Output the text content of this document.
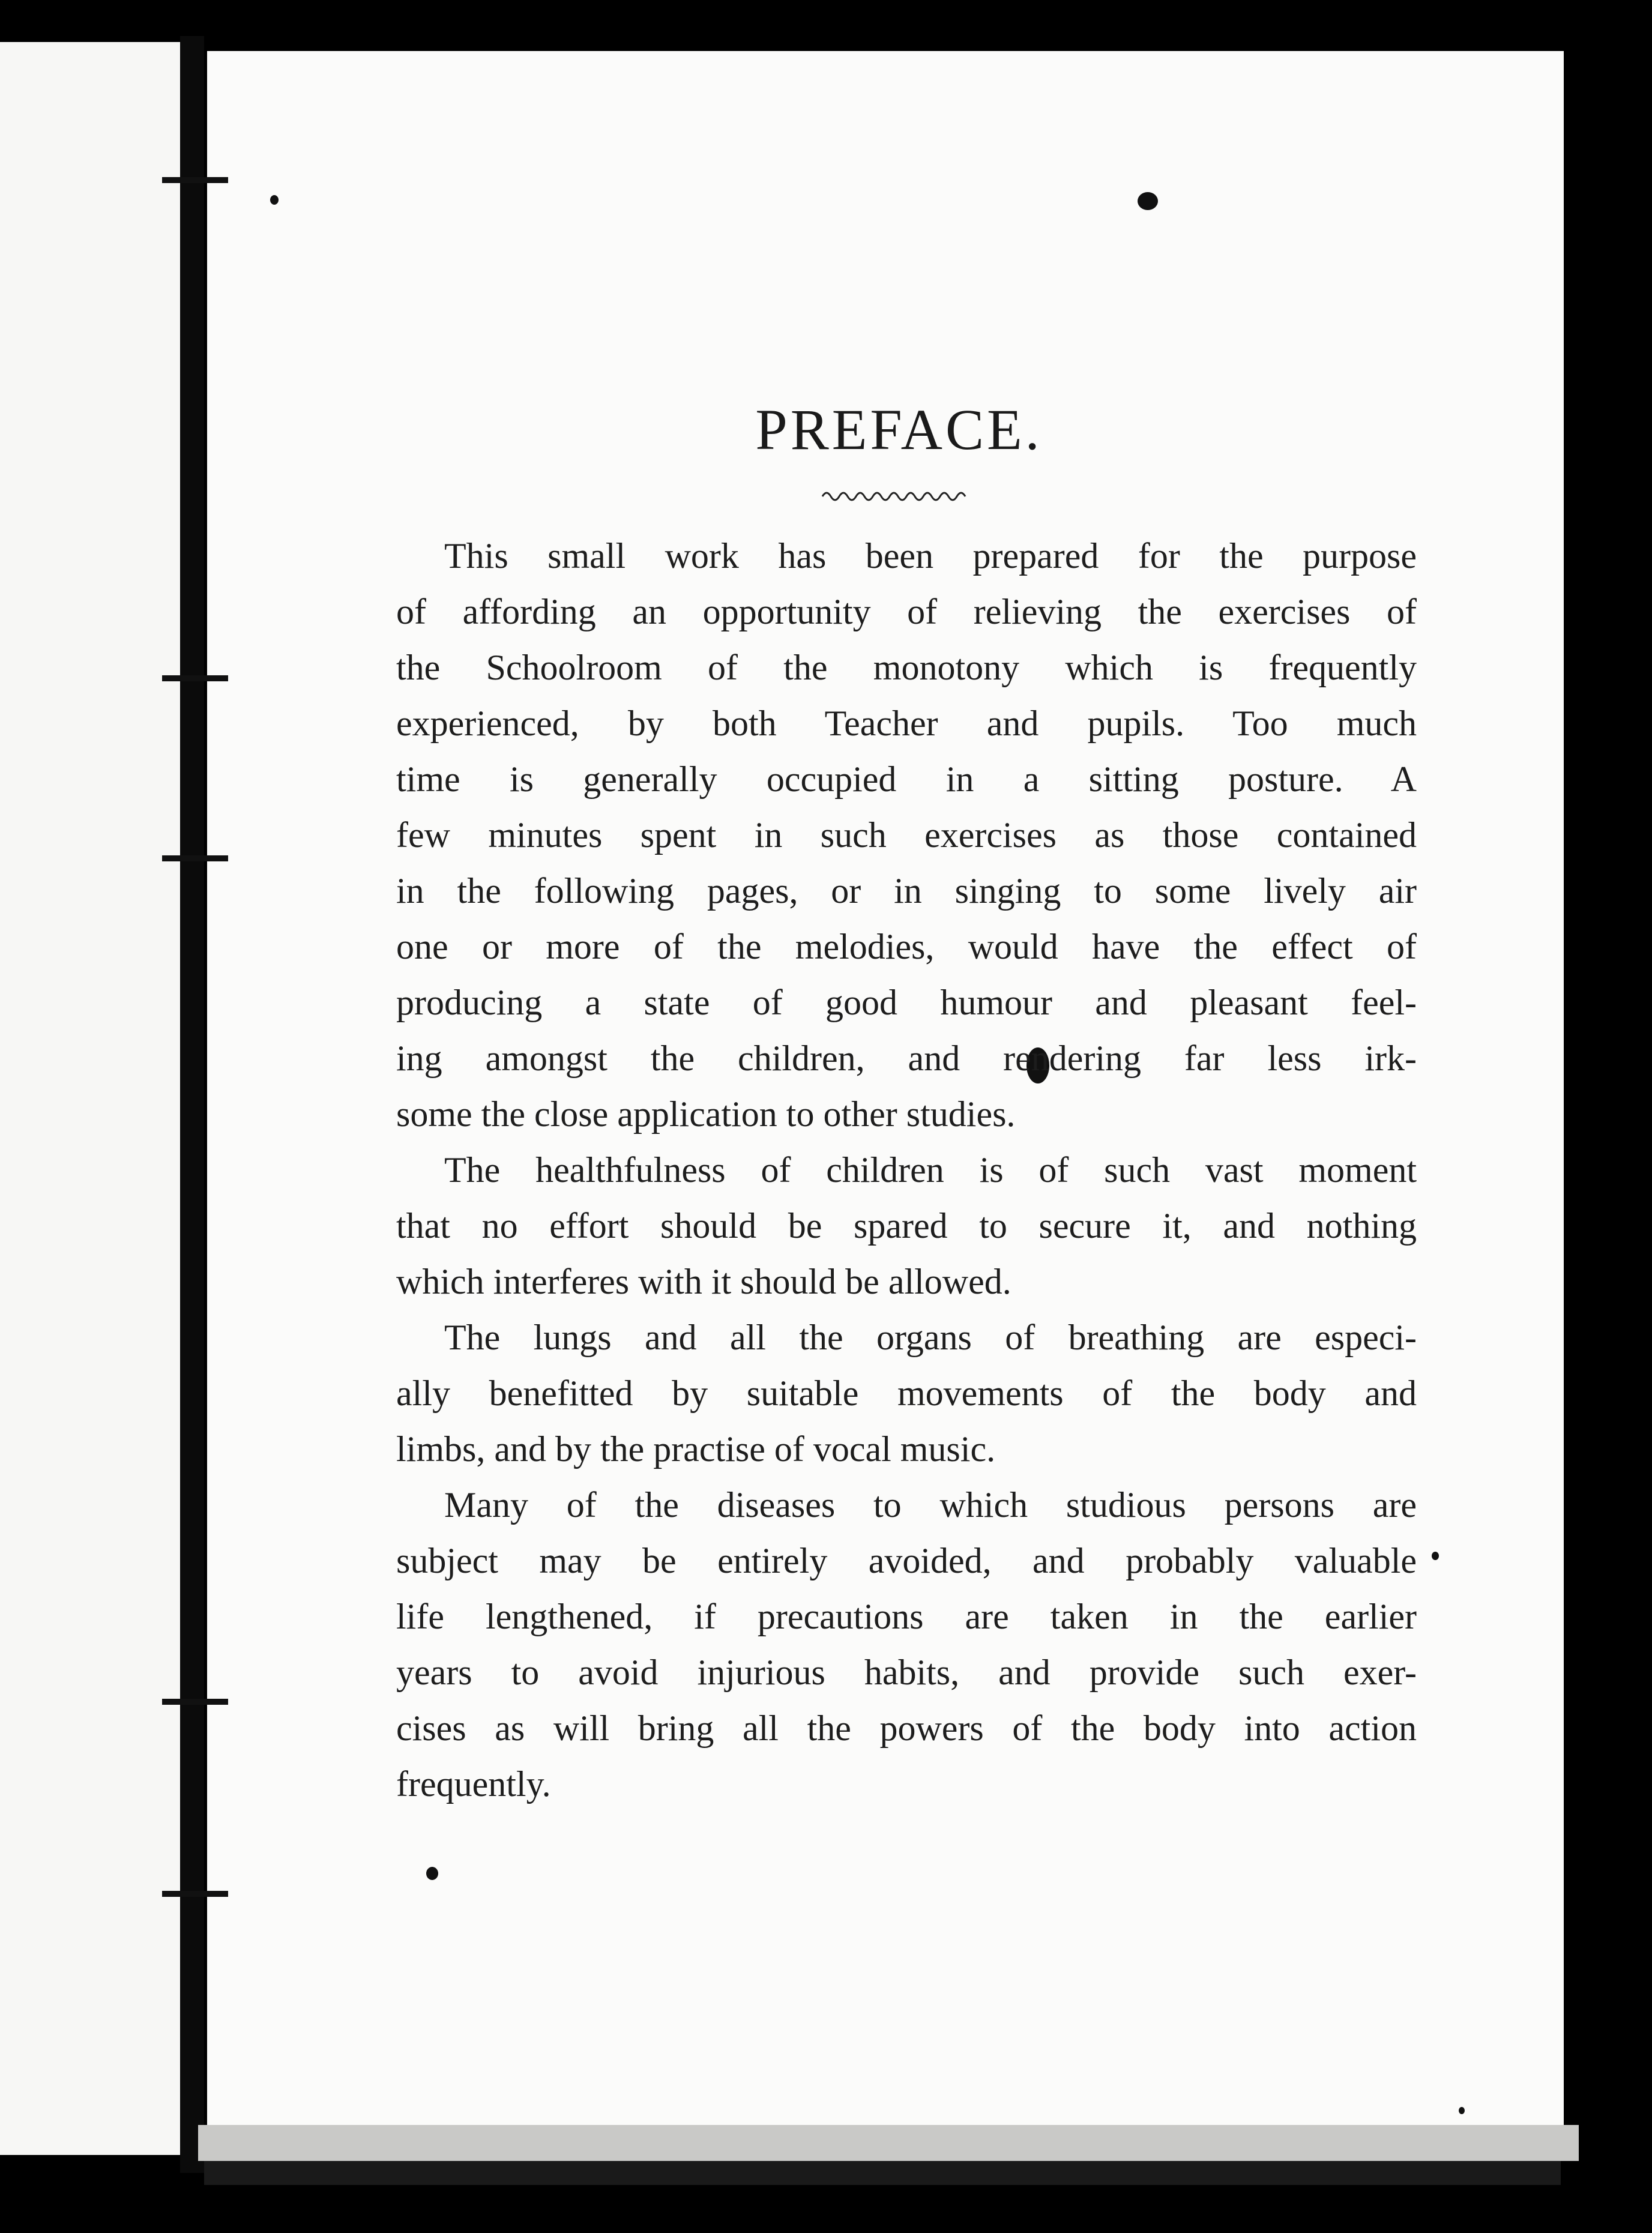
PREFACE.
This small work has been prepared for the purpose
of affording an opportunity of relieving the exercises of
the Schoolroom of the monotony which is frequently
experienced, by both Teacher and pupils. Too much
time is generally occupied in a sitting posture. A
few minutes spent in such exercises as those contained
in the following pages, or in singing to some lively air
one or more of the melodies, would have the effect of
producing a state of good humour and pleasant feel-
ing amongst the children, and rendering far less irk-
some the close application to other studies.
The healthfulness of children is of such vast moment
that no effort should be spared to secure it, and nothing
which interferes with it should be allowed.
The lungs and all the organs of breathing are especi-
ally benefitted by suitable movements of the body and
limbs, and by the practise of vocal music.
Many of the diseases to which studious persons are
subject may be entirely avoided, and probably valuable
life lengthened, if precautions are taken in the earlier
years to avoid injurious habits, and provide such exer-
cises as will bring all the powers of the body into action
frequently.
